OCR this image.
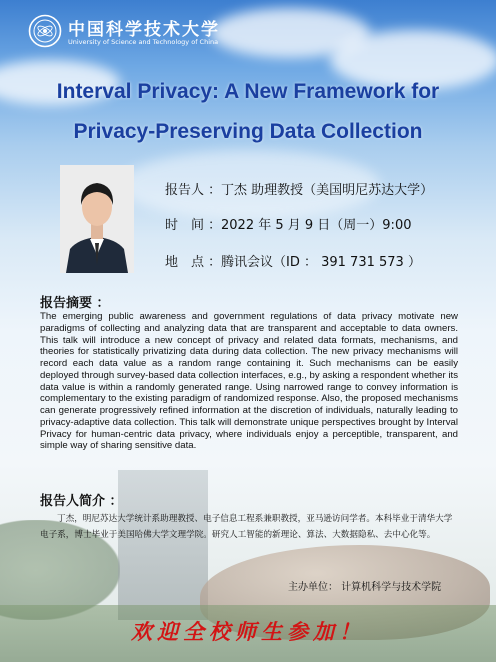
中国科学技术大学
University of Science and Technology of China
Interval Privacy: A New Framework for
Privacy-Preserving Data Collection
报告人 ：丁杰 助理教授（美国明尼苏达大学）
时　间 ：2022 年 5 月 9 日（周一）9:00
地　点 ：腾讯会议（ID ： 391 731 573 ）
报告摘要 ：
The emerging public awareness and government regulations of data privacy motivate new paradigms of collecting and analyzing data that are transparent and acceptable to data owners. This talk will introduce a new concept of privacy and related data formats, mechanisms, and theories for statistically privatizing data during data collection. The new privacy mechanisms will record each data value as a random range containing it. Such mechanisms can be easily deployed through survey-based data collection interfaces, e.g., by asking a respondent whether its data value is within a randomly generated range. Using narrowed range to convey information is complementary to the existing paradigm of randomized response. Also, the proposed mechanisms can generate progressively refined information at the discretion of individuals, naturally leading to privacy-adaptive data collection. This talk will demonstrate unique perspectives brought by Interval Privacy for human-centric data privacy, where individuals enjoy a perceptible, transparent, and simple way of sharing sensitive data.
报告人简介 ：
丁杰，明尼苏达大学统计系助理教授、电子信息工程系兼职教授，亚马逊访问学者。本科毕业于清华大学电子系，博士毕业于美国哈佛大学文理学院。研究人工智能的新理论、算法、大数据隐私、去中心化等。
主办单位： 计算机科学与技术学院
欢迎全校师生参加！
